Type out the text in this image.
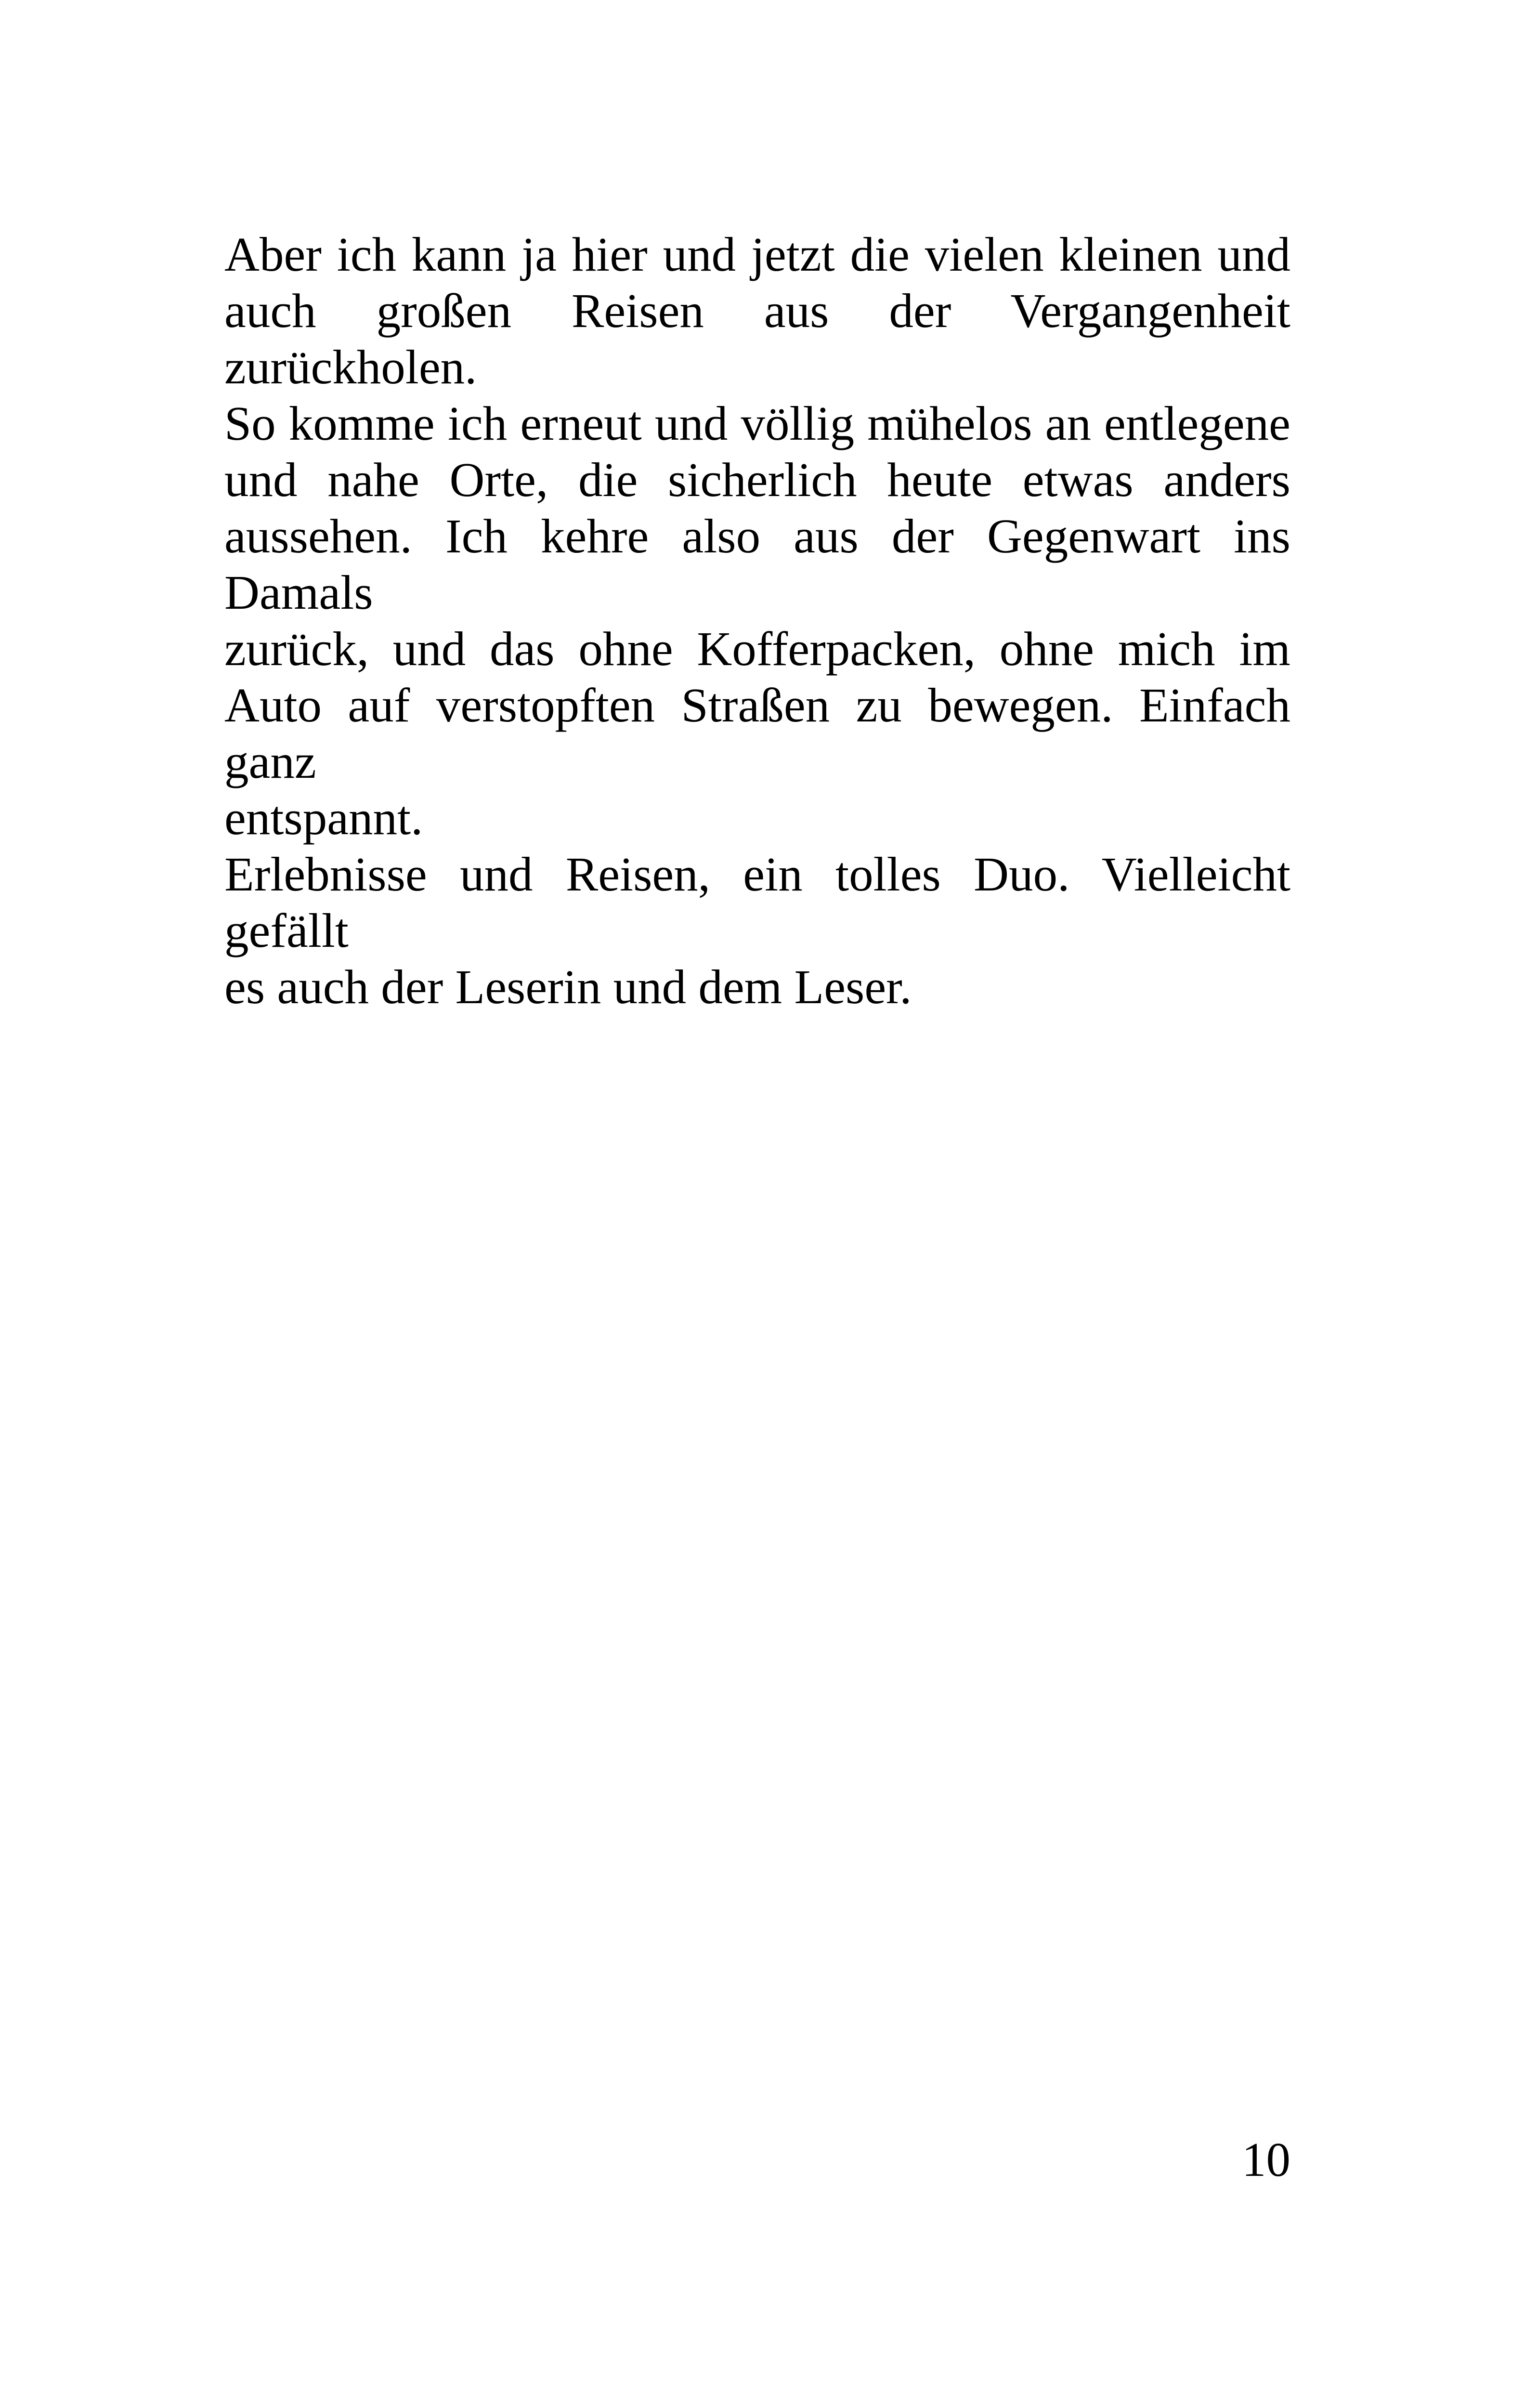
Aber ich kann ja hier und jetzt die vielen kleinen und
auch großen Reisen aus der Vergangenheit
zurückholen.
So komme ich erneut und völlig mühelos an entlegene
und nahe Orte, die sicherlich heute etwas anders
aussehen. Ich kehre also aus der Gegenwart ins Damals
zurück, und das ohne Kofferpacken, ohne mich im
Auto auf verstopften Straßen zu bewegen. Einfach ganz
entspannt.
Erlebnisse und Reisen, ein tolles Duo. Vielleicht gefällt
es auch der Leserin und dem Leser.
10
